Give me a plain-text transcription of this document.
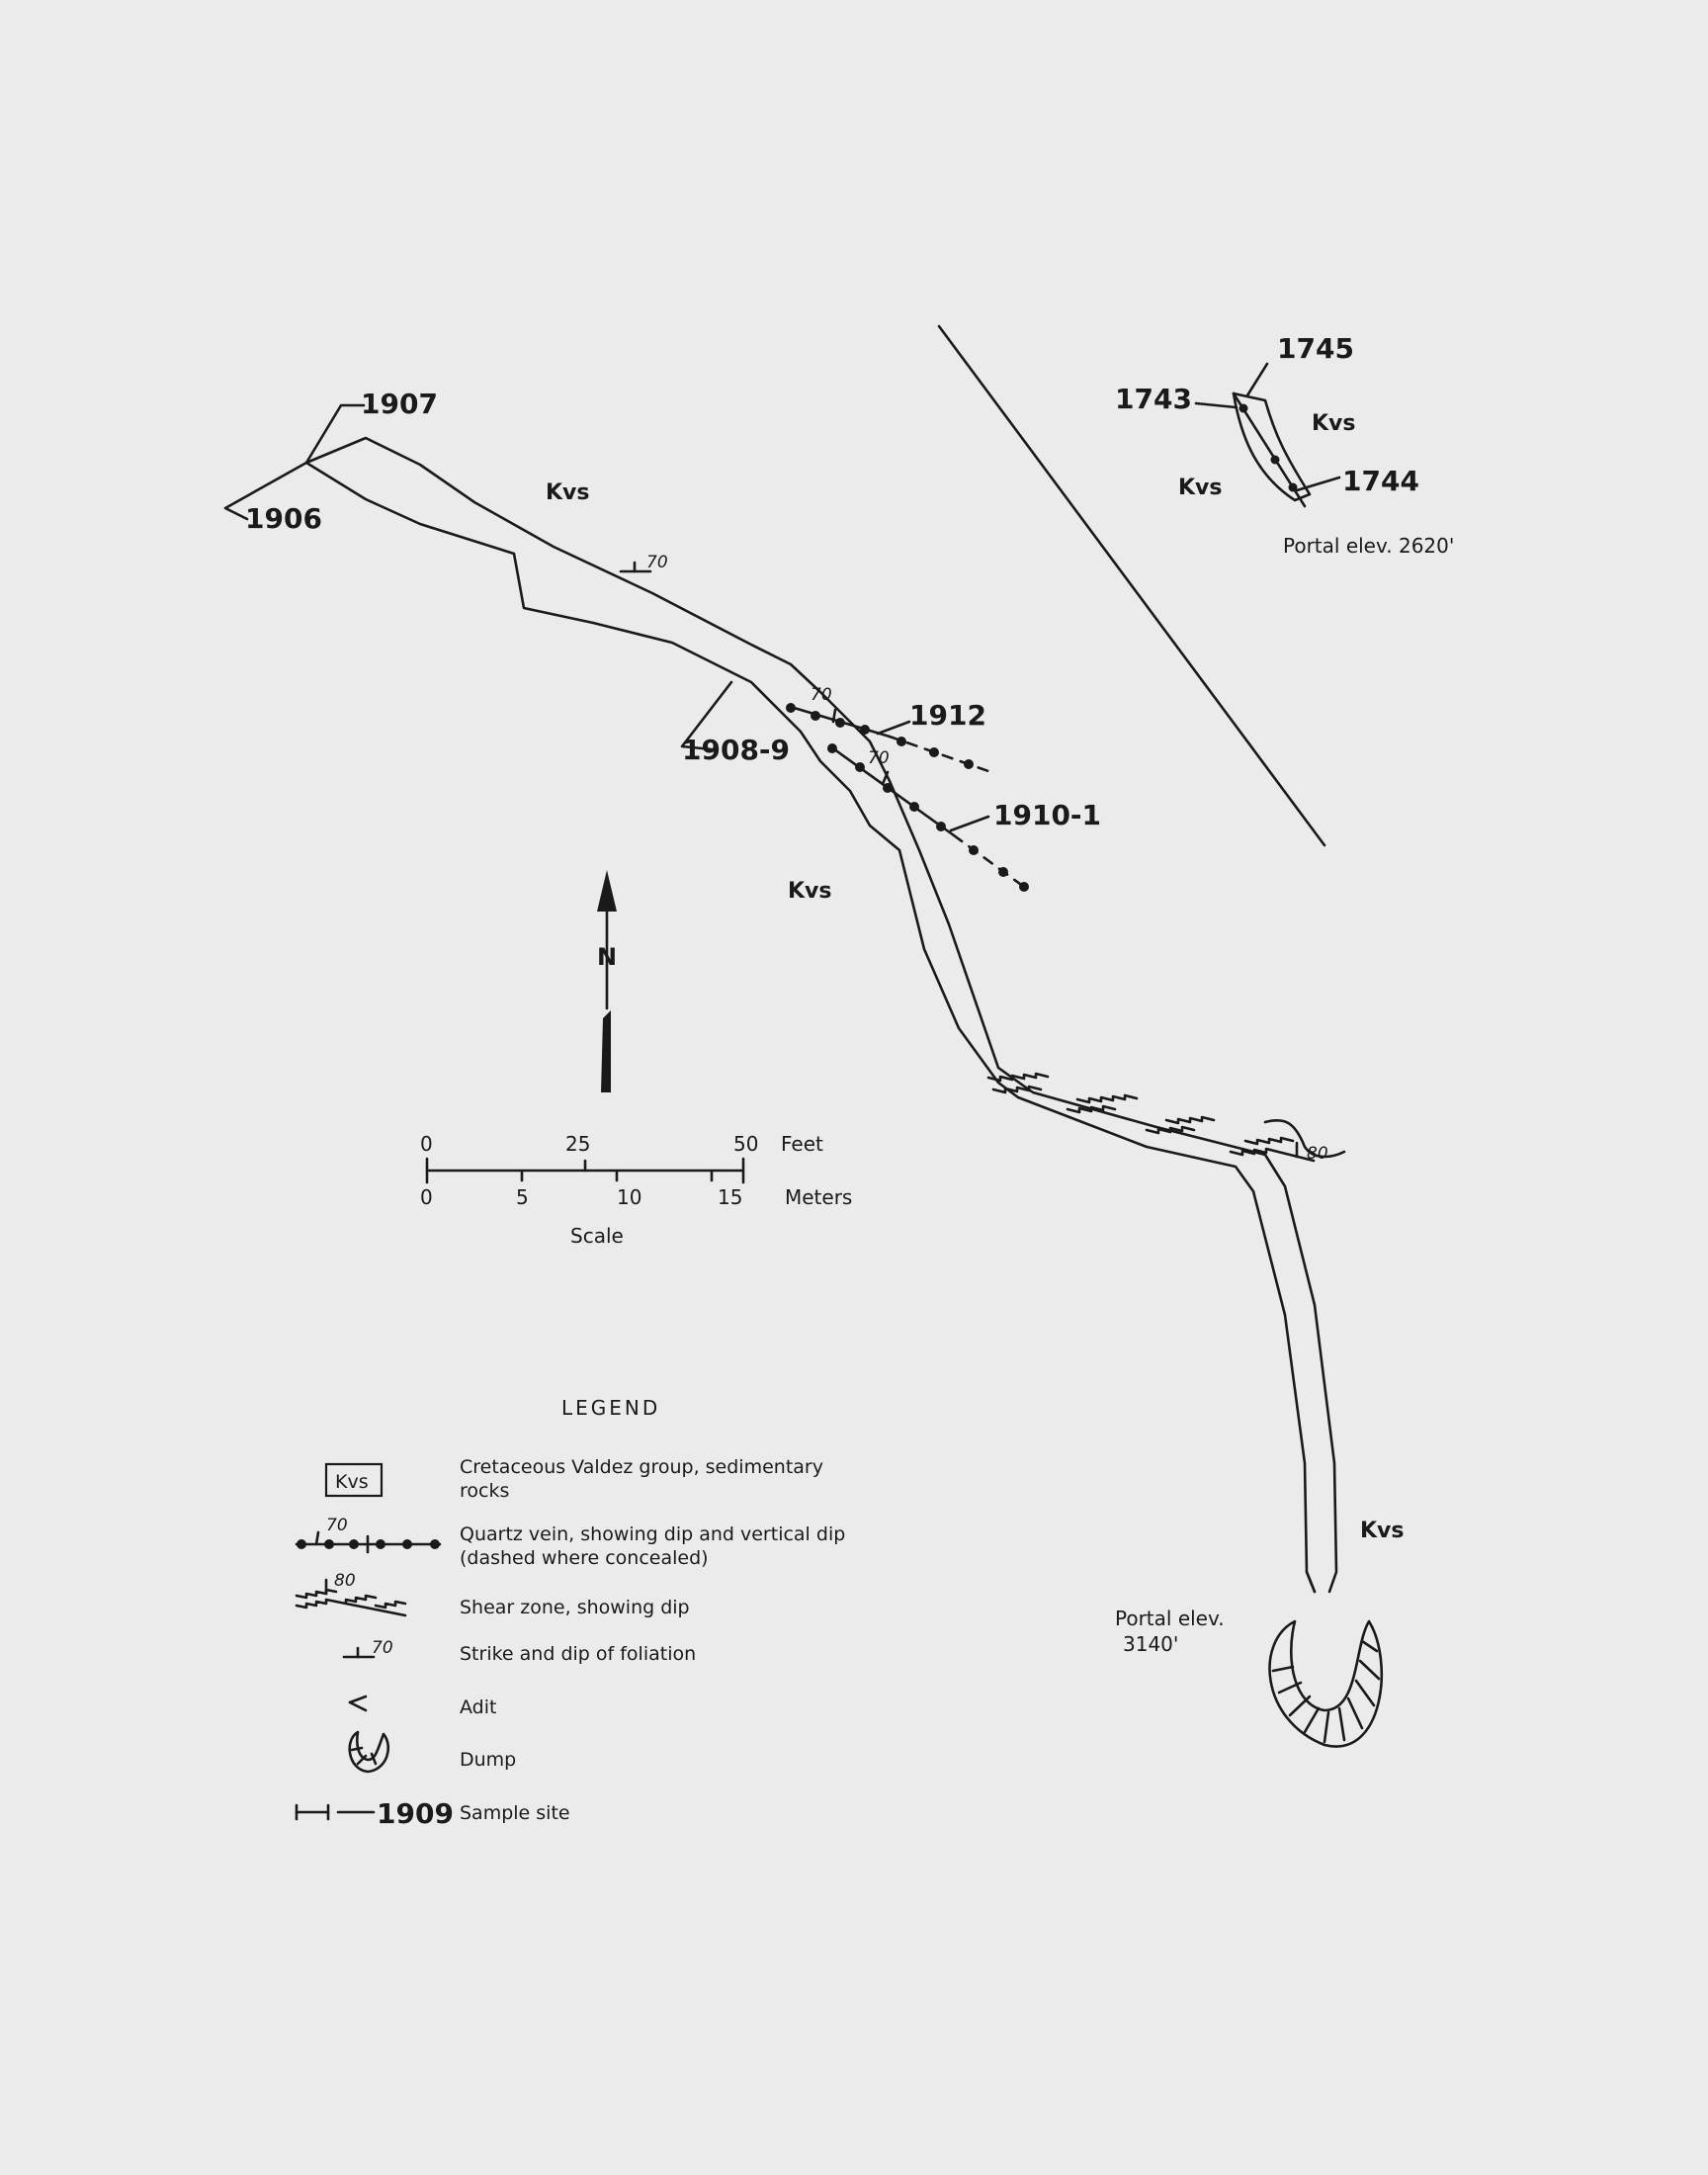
1907
1906
1908-9
1912
1910-1
1743
1745
1744
Kvs
Kvs
Kvs
Kvs
Kvs
70
70
70
80
Portal elev. 2620'
Portal elev.
3140'
N
0	25	50 Feet
0	5	10	15 Meters
Scale
LEGEND
Kvs
Cretaceous Valdez group, sedimentary
rocks
70	Quartz vein, showing dip and vertical dip
(dashed where concealed)
80
Shear zone, showing dip
70	Strike and dip of foliation
Adit
Dump
1909 Sample site
